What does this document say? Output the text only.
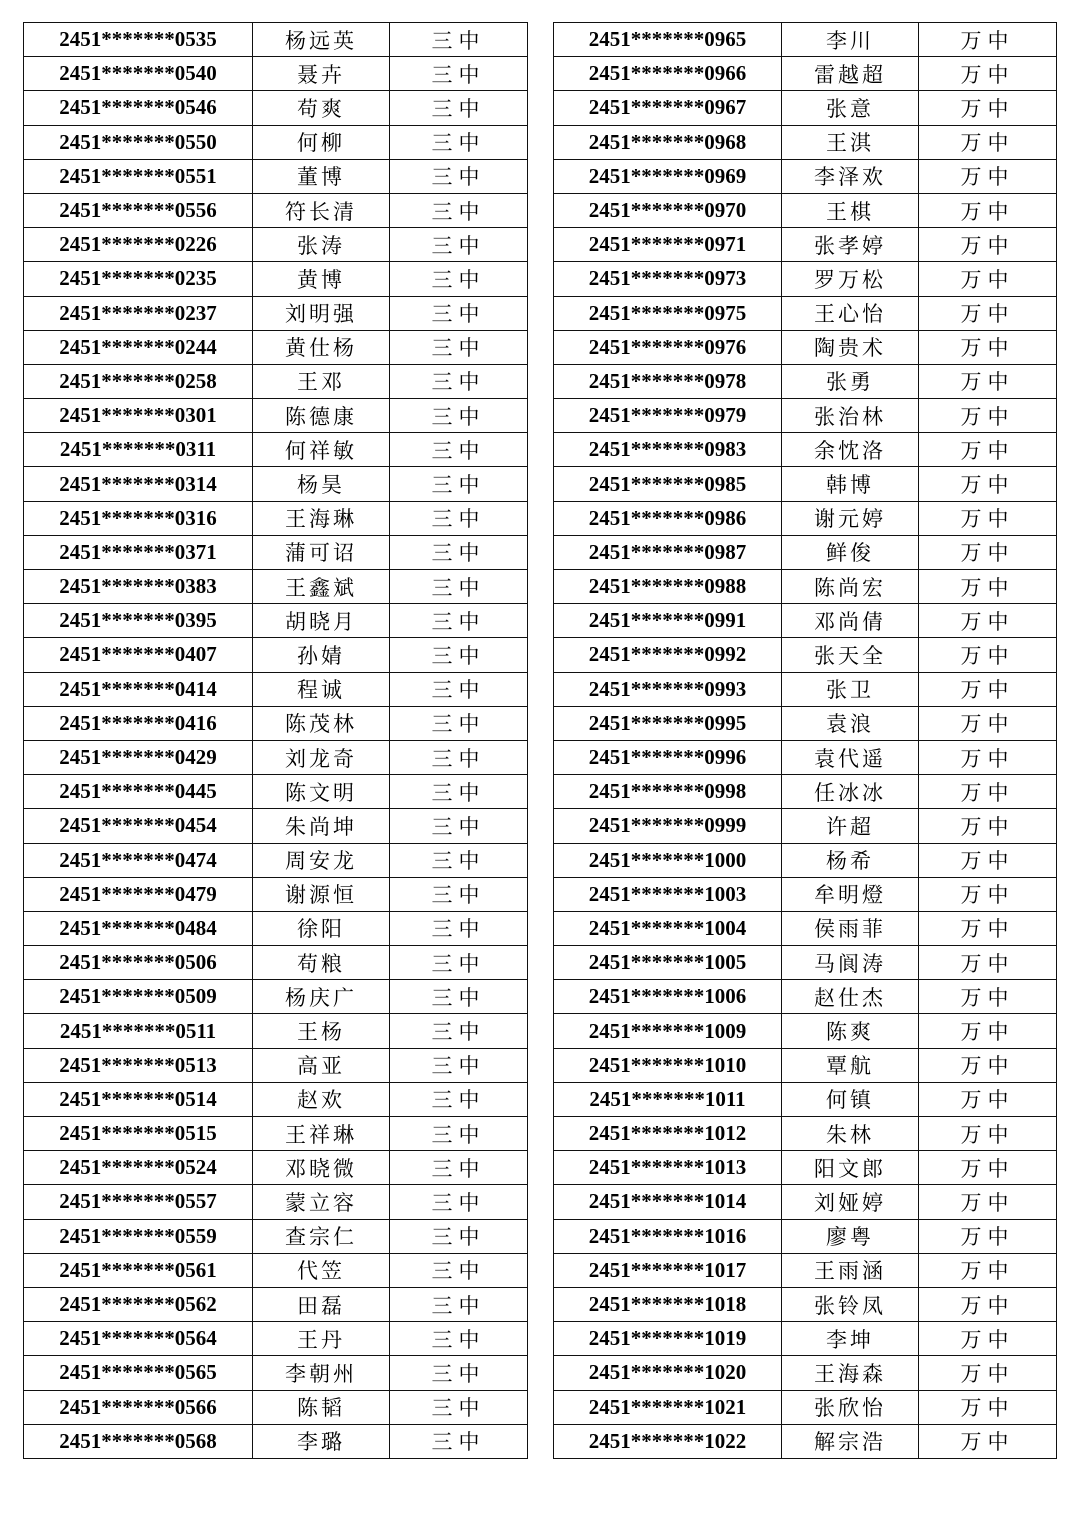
2451*******0535	杨远英	三中
2451*******0540	聂卉	三中
2451*******0546	苟爽	三中
2451*******0550	何柳	三中
2451*******0551	董博	三中
2451*******0556	符长清	三中
2451*******0226	张涛	三中
2451*******0235	黄博	三中
2451*******0237	刘明强	三中
2451*******0244	黄仕杨	三中
2451*******0258	王邓	三中
2451*******0301	陈德康	三中
2451*******0311	何祥敏	三中
2451*******0314	杨昊	三中
2451*******0316	王海琳	三中
2451*******0371	蒲可诏	三中
2451*******0383	王鑫斌	三中
2451*******0395	胡晓月	三中
2451*******0407	孙婧	三中
2451*******0414	程诚	三中
2451*******0416	陈茂林	三中
2451*******0429	刘龙奇	三中
2451*******0445	陈文明	三中
2451*******0454	朱尚坤	三中
2451*******0474	周安龙	三中
2451*******0479	谢源恒	三中
2451*******0484	徐阳	三中
2451*******0506	苟粮	三中
2451*******0509	杨庆广	三中
2451*******0511	王杨	三中
2451*******0513	高亚	三中
2451*******0514	赵欢	三中
2451*******0515	王祥琳	三中
2451*******0524	邓晓微	三中
2451*******0557	蒙立容	三中
2451*******0559	查宗仁	三中
2451*******0561	代笠	三中
2451*******0562	田磊	三中
2451*******0564	王丹	三中
2451*******0565	李朝州	三中
2451*******0566	陈韬	三中
2451*******0568	李璐	三中
2451*******0965	李川	万中
2451*******0966	雷越超	万中
2451*******0967	张意	万中
2451*******0968	王淇	万中
2451*******0969	李泽欢	万中
2451*******0970	王棋	万中
2451*******0971	张孝婷	万中
2451*******0973	罗万松	万中
2451*******0975	王心怡	万中
2451*******0976	陶贵术	万中
2451*******0978	张勇	万中
2451*******0979	张治林	万中
2451*******0983	余忱洛	万中
2451*******0985	韩博	万中
2451*******0986	谢元婷	万中
2451*******0987	鲜俊	万中
2451*******0988	陈尚宏	万中
2451*******0991	邓尚倩	万中
2451*******0992	张天全	万中
2451*******0993	张卫	万中
2451*******0995	袁浪	万中
2451*******0996	袁代遥	万中
2451*******0998	任冰冰	万中
2451*******0999	许超	万中
2451*******1000	杨希	万中
2451*******1003	牟明燈	万中
2451*******1004	侯雨菲	万中
2451*******1005	马阆涛	万中
2451*******1006	赵仕杰	万中
2451*******1009	陈爽	万中
2451*******1010	覃航	万中
2451*******1011	何镇	万中
2451*******1012	朱林	万中
2451*******1013	阳文郎	万中
2451*******1014	刘娅婷	万中
2451*******1016	廖粤	万中
2451*******1017	王雨涵	万中
2451*******1018	张铃凤	万中
2451*******1019	李坤	万中
2451*******1020	王海森	万中
2451*******1021	张欣怡	万中
2451*******1022	解宗浩	万中
